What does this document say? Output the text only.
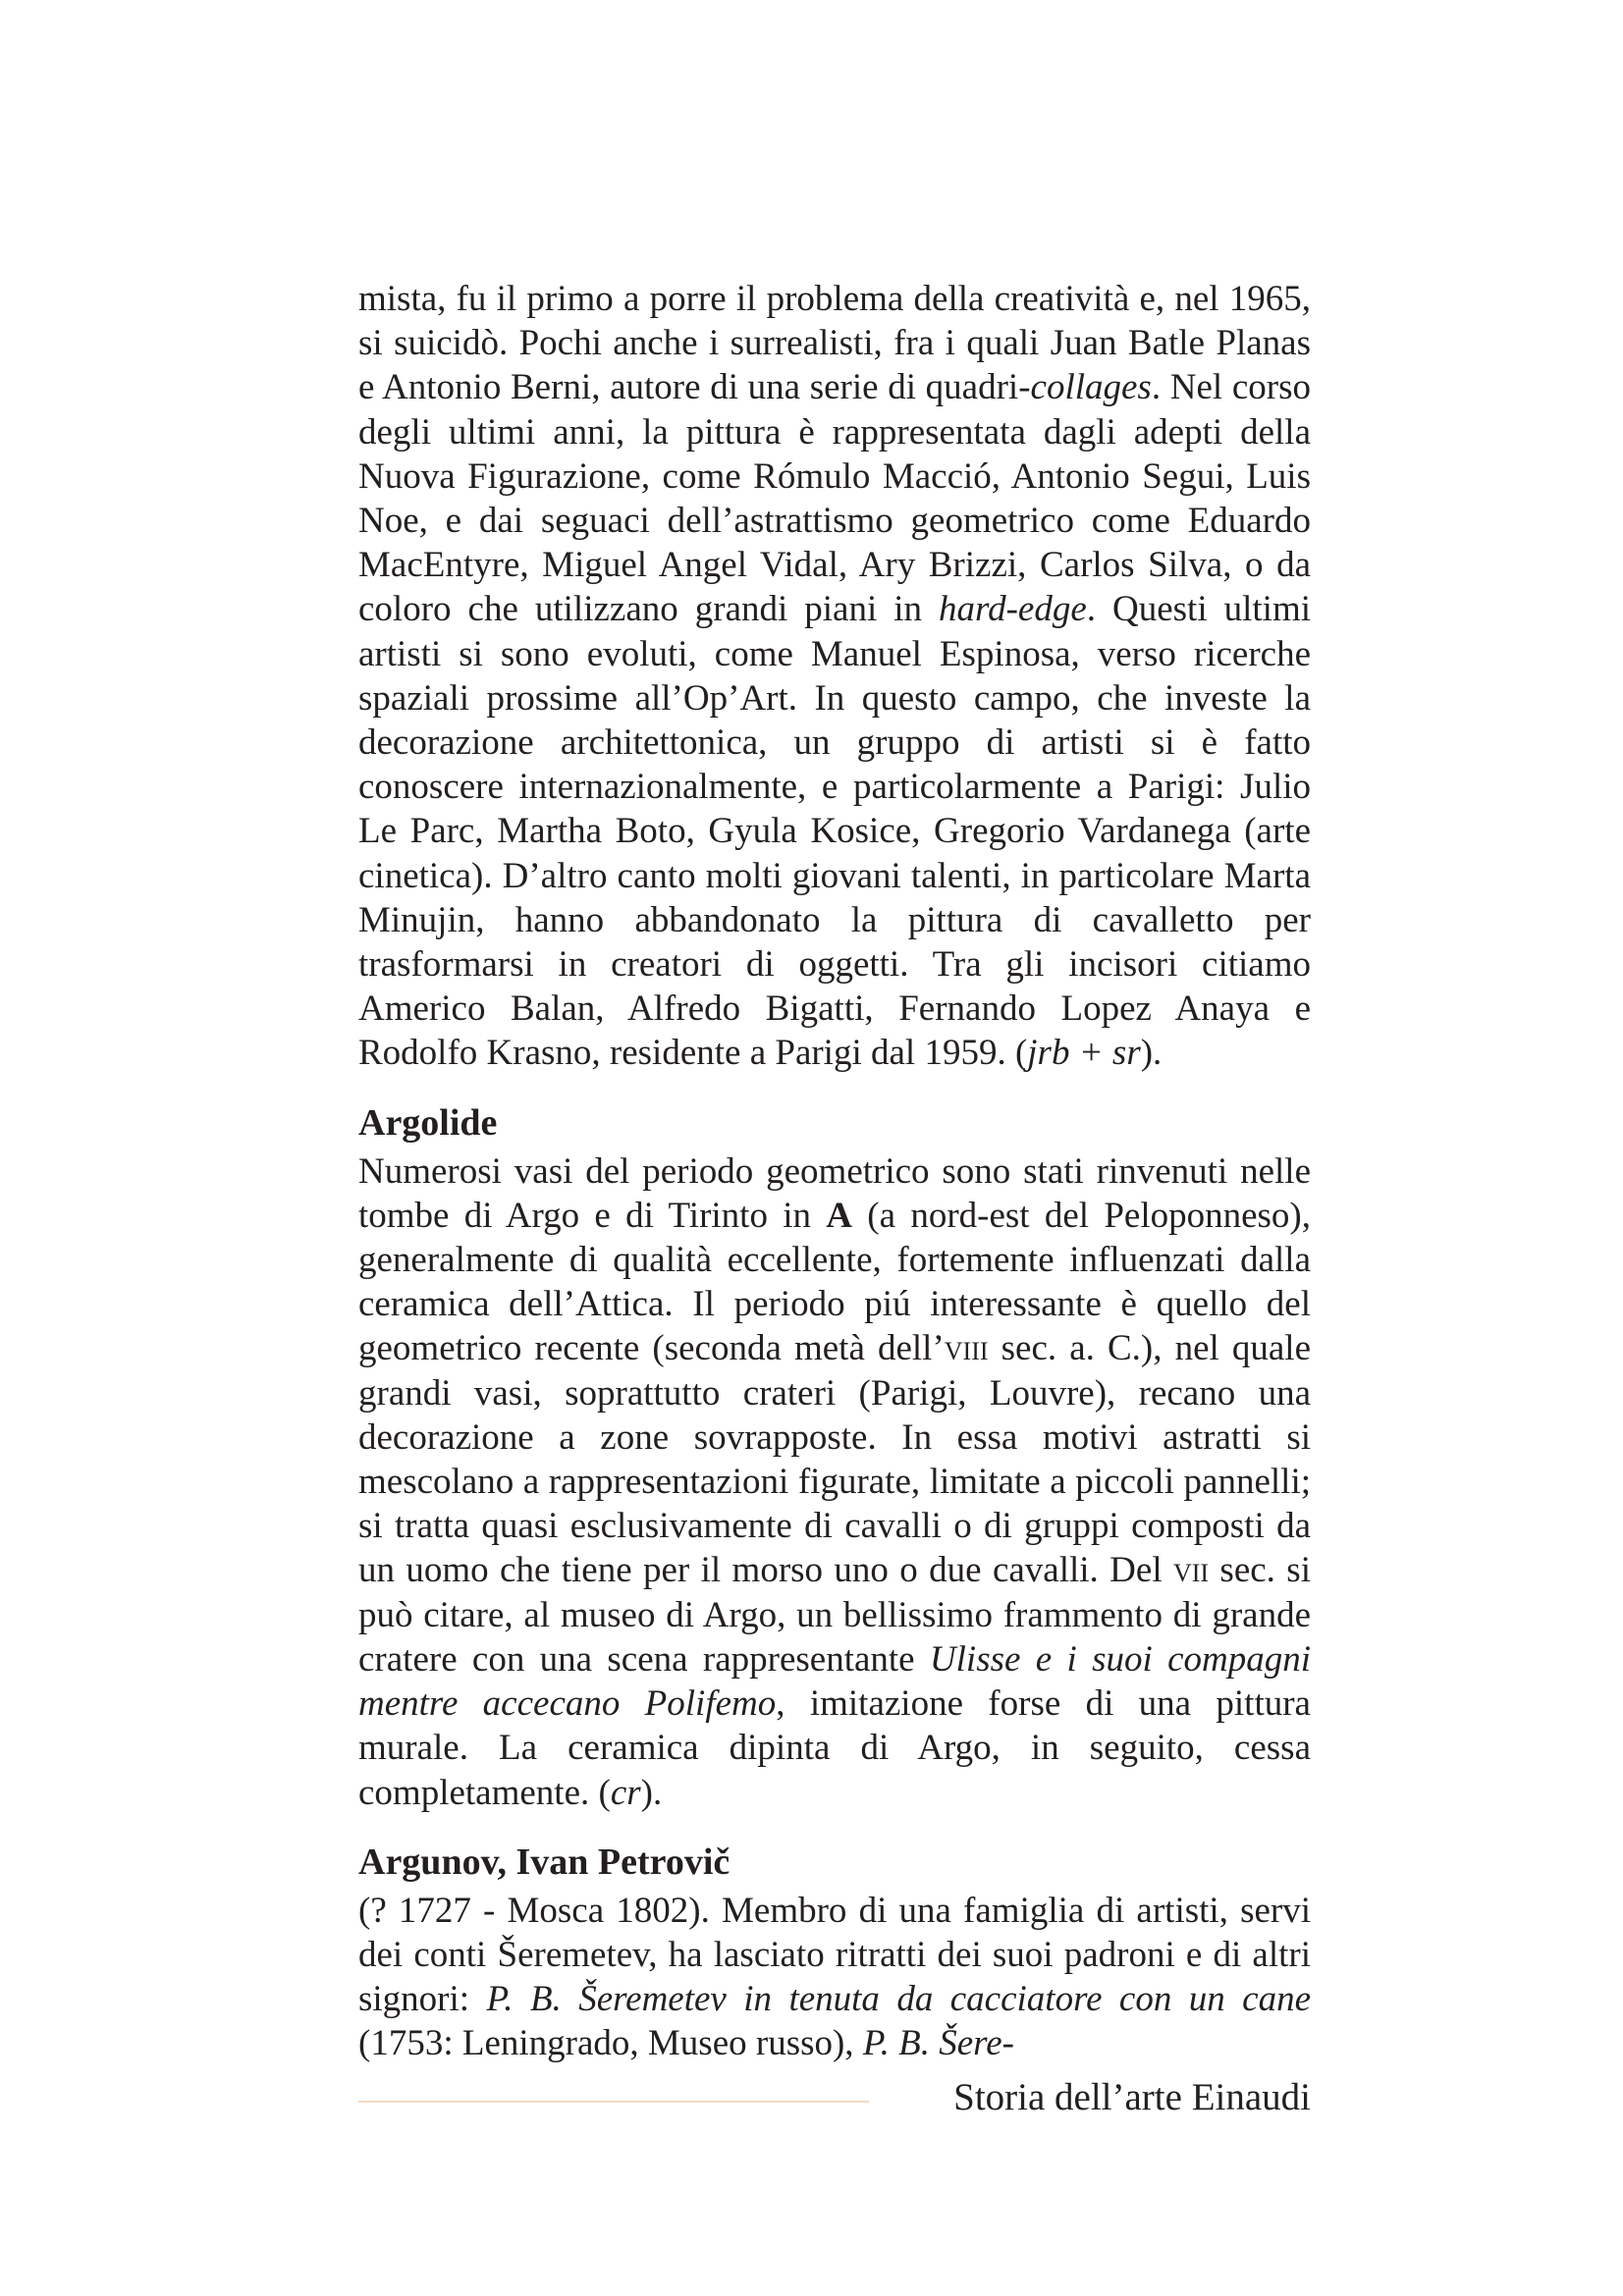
mista, fu il primo a porre il problema della creatività e, nel 1965, si suicidò. Pochi anche i surrealisti, fra i quali Juan Batle Planas e Antonio Berni, autore di una serie di quadri-collages. Nel corso degli ultimi anni, la pittura è rappresentata dagli adepti della Nuova Figurazione, come Rómulo Macció, Antonio Segui, Luis Noe, e dai seguaci dell’astrattismo geometrico come Eduardo MacEntyre, Miguel Angel Vidal, Ary Brizzi, Carlos Silva, o da coloro che utilizzano grandi piani in hard-edge. Questi ultimi artisti si sono evoluti, come Manuel Espinosa, verso ricerche spaziali prossime all’Op’Art. In questo campo, che investe la decorazione architettonica, un gruppo di artisti si è fatto conoscere internazionalmente, e particolarmente a Parigi: Julio Le Parc, Martha Boto, Gyula Kosice, Gregorio Vardanega (arte cinetica). D’altro canto molti giovani talenti, in particolare Marta Minujin, hanno abbandonato la pittura di cavalletto per trasformarsi in creatori di oggetti. Tra gli incisori citiamo Americo Balan, Alfredo Bigatti, Fernando Lopez Anaya e Rodolfo Krasno, residente a Parigi dal 1959. (jrb + sr).

Argolide

Numerosi vasi del periodo geometrico sono stati rinvenuti nelle tombe di Argo e di Tirinto in A (a nord-est del Peloponneso), generalmente di qualità eccellente, fortemente influenzati dalla ceramica dell’Attica. Il periodo piú interessante è quello del geometrico recente (seconda metà dell’viii sec. a. C.), nel quale grandi vasi, soprattutto crateri (Parigi, Louvre), recano una decorazione a zone sovrapposte. In essa motivi astratti si mescolano a rappresentazioni figurate, limitate a piccoli pannelli; si tratta quasi esclusivamente di cavalli o di gruppi composti da un uomo che tiene per il morso uno o due cavalli. Del vii sec. si può citare, al museo di Argo, un bellissimo frammento di grande cratere con una scena rappresentante Ulisse e i suoi compagni mentre accecano Polifemo, imitazione forse di una pittura murale. La ceramica dipinta di Argo, in seguito, cessa completamente. (cr).

Argunov, Ivan Petrovič

(? 1727 - Mosca 1802). Membro di una famiglia di artisti, servi dei conti Šeremetev, ha lasciato ritratti dei suoi padroni e di altri signori: P. B. Šeremetev in tenuta da cacciatore con un cane (1753: Leningrado, Museo russo), P. B. Šere-

Storia dell’arte Einaudi
